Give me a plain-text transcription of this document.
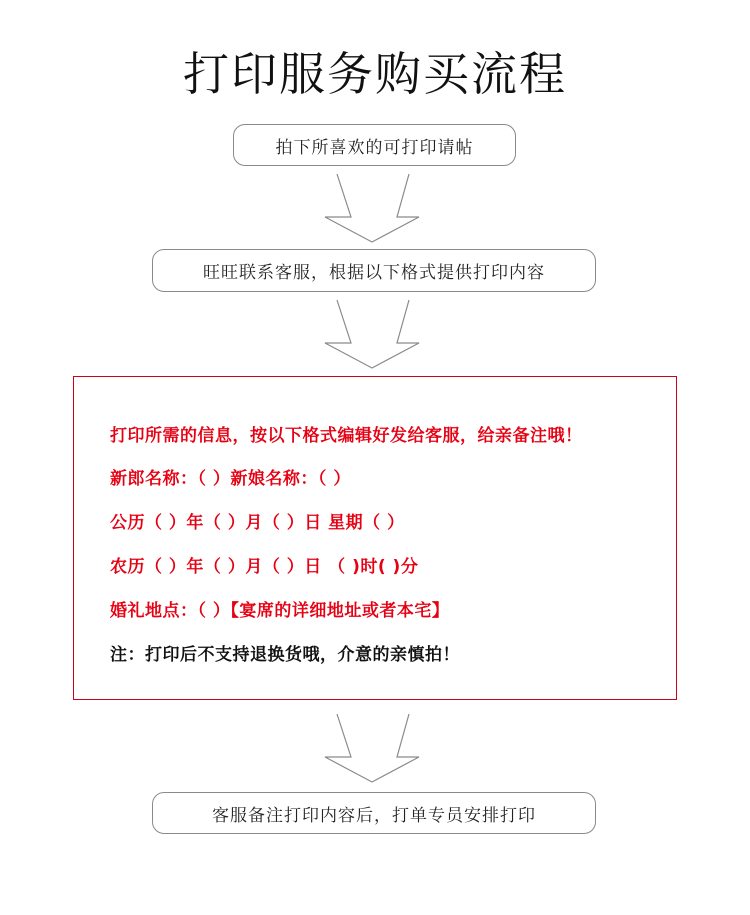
打印服务购买流程
拍下所喜欢的可打印请帖
旺旺联系客服，根据以下格式提供打印内容
打印所需的信息，按以下格式编辑好发给客服，给亲备注哦！
新郎名称：（ ）新娘名称：（ ）
公历（ ）年（ ）月（ ）日 星期（ ）
农历（ ）年（ ）月（ ）日 （ )时( )分
婚礼地点：（ ）【宴席的详细地址或者本宅】
注：打印后不支持退换货哦，介意的亲慎拍！
客服备注打印内容后，打单专员安排打印
